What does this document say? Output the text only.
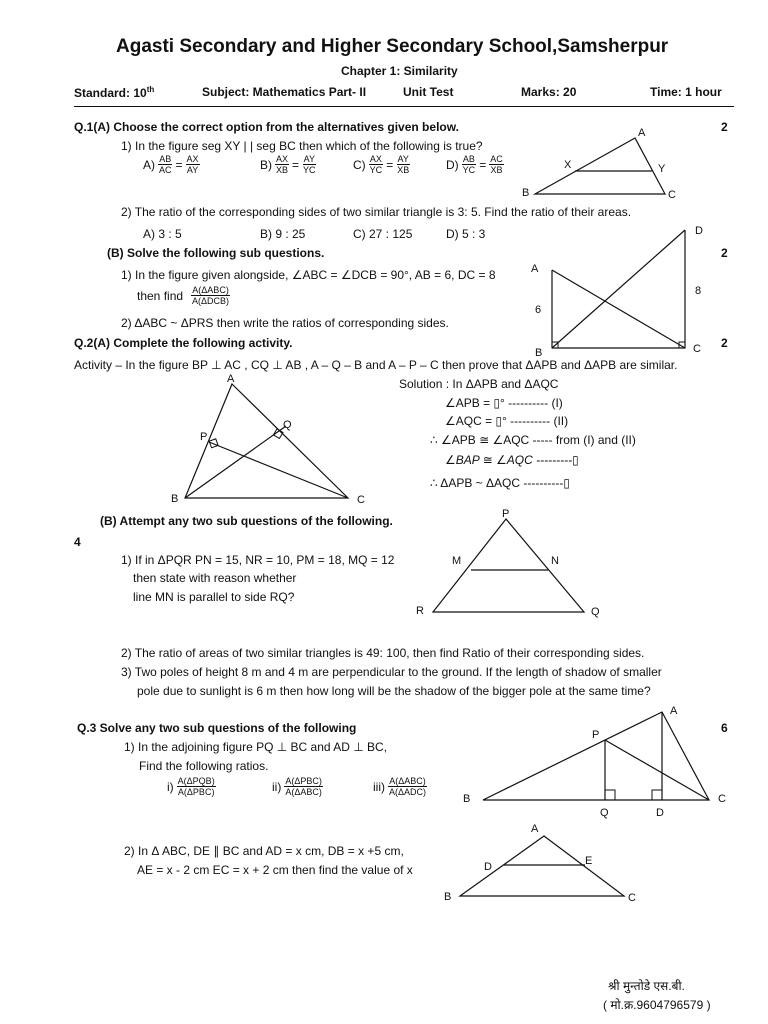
Agasti Secondary and Higher Secondary School,Samsherpur
Chapter 1: Similarity
Standard: 10th	Subject: Mathematics Part- II	Unit Test	Marks: 20	Time: 1 hour
Q.1(A) Choose the correct option from the alternatives given below.	2
1) In the figure seg XY | | seg BC then which of the following is true?
$A) \frac{AB}{AC} = \frac{AX}{AY}$	$B) \frac{AX}{XB} = \frac{AY}{YC}$	$C) \frac{AX}{YC} = \frac{AY}{XB}$	$D) \frac{AB}{YC} = \frac{AC}{XB}$
A
X	Y
B	C
2) The ratio of the corresponding sides of two similar triangle is 3: 5. Find the ratio of their areas.
A) 3 : 5	B) 9 : 25	C) 27 : 125	D) 5 : 3
(B) Solve the following sub questions.	2
1) In the figure given alongside, ∠ABC = ∠DCB = 90°, AB = 6, DC = 8
then find $\frac{\text{A(ΔABC)}}{\text{A(ΔDCB)}}$
2) ΔABC ~ ΔPRS then write the ratios of corresponding sides.
A
D
6
8
B	C
Q.2(A) Complete the following activity.	2
Activity – In the figure BP ⊥ AC , CQ ⊥ AB , A – Q – B and A – P – C then prove that ΔAPB and ΔAPB are similar.
A
P
Q
B	C
Solution : In ΔAPB and ΔAQC
∠APB = ▯° ---------- (I)
∠AQC = ▯° ---------- (II)
∴ ∠APB ≅ ∠AQC ----- from (I) and (II)
∠BAP ≅ ∠AQC ---------▯
∴ ΔAPB ~ ΔAQC ----------▯
(B) Attempt any two sub questions of the following.
4
1) If in ΔPQR PN = 15, NR = 10, PM = 18, MQ = 12
then state with reason whether
line MN is parallel to side RQ?
P
M	N
R	Q
2) The ratio of areas of two similar triangles is 49: 100, then find Ratio of their corresponding sides.
3) Two poles of height 8 m and 4 m are perpendicular to the ground. If the length of shadow of smaller
pole due to sunlight is 6 m then how long will be the shadow of the bigger pole at the same time?
Q.3 Solve any two sub questions of the following	6
1) In the adjoining figure PQ ⊥ BC and AD ⊥ BC,
Find the following ratios.
$i) \frac{\text{A(ΔPQB)}}{\text{A(ΔPBC)}}$	$ii) \frac{\text{A(ΔPBC)}}{\text{A(ΔABC)}}$	$iii) \frac{\text{A(ΔABC)}}{\text{A(ΔADC)}}$
A
P
B	C
Q	D
2) In Δ ABC, DE ∥ BC and AD = x cm, DB = x +5 cm,
AE = x - 2 cm EC = x + 2 cm then find the value of x
A
D	E
B	C
श्री मुन्तोडे एस.बी.
( मो.क्र.9604796579 )
